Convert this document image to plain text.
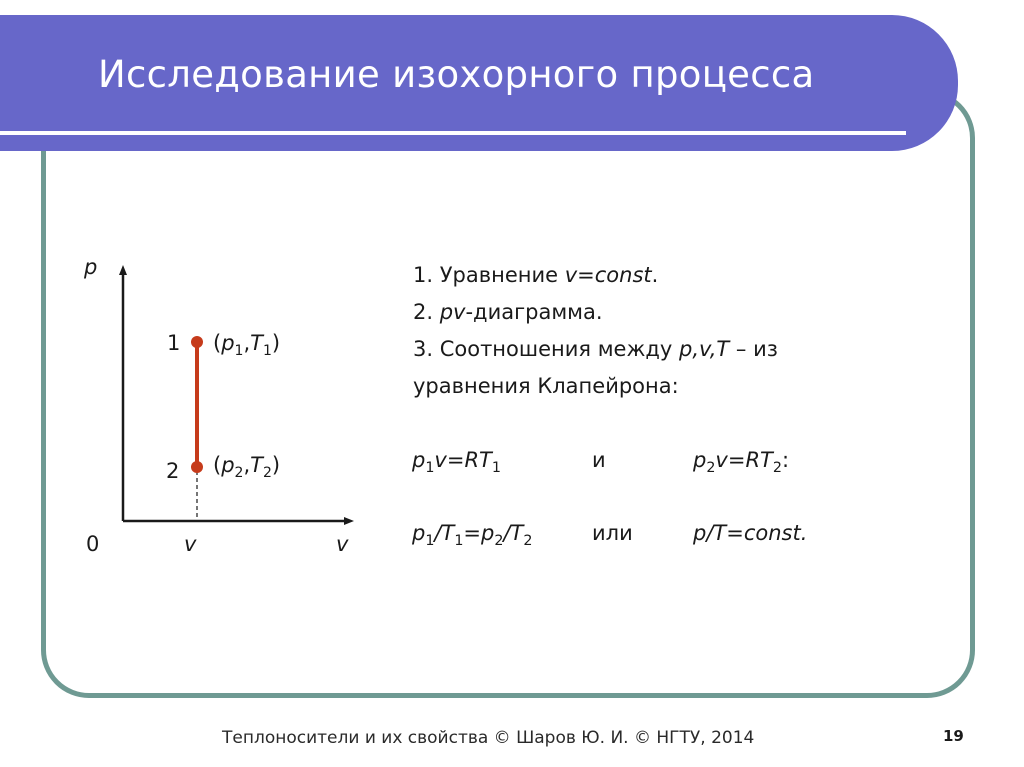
Исследование изохорного процесса
p
v
0	v
1 $(p_1,T_1)$
2 $(p_2,T_2)$
1. Уравнение v=const.
2. pv-диаграмма.
3. Соотношения между p,v,T – из
уравнения Клапейрона:
$p_1v=RT_1$	и	$p_2v=RT_2$:
$p_1/T_1=p_2/T_2$	или	p/T=const.
Теплоносители и их свойства © Шаров Ю. И. © НГТУ, 2014	19
